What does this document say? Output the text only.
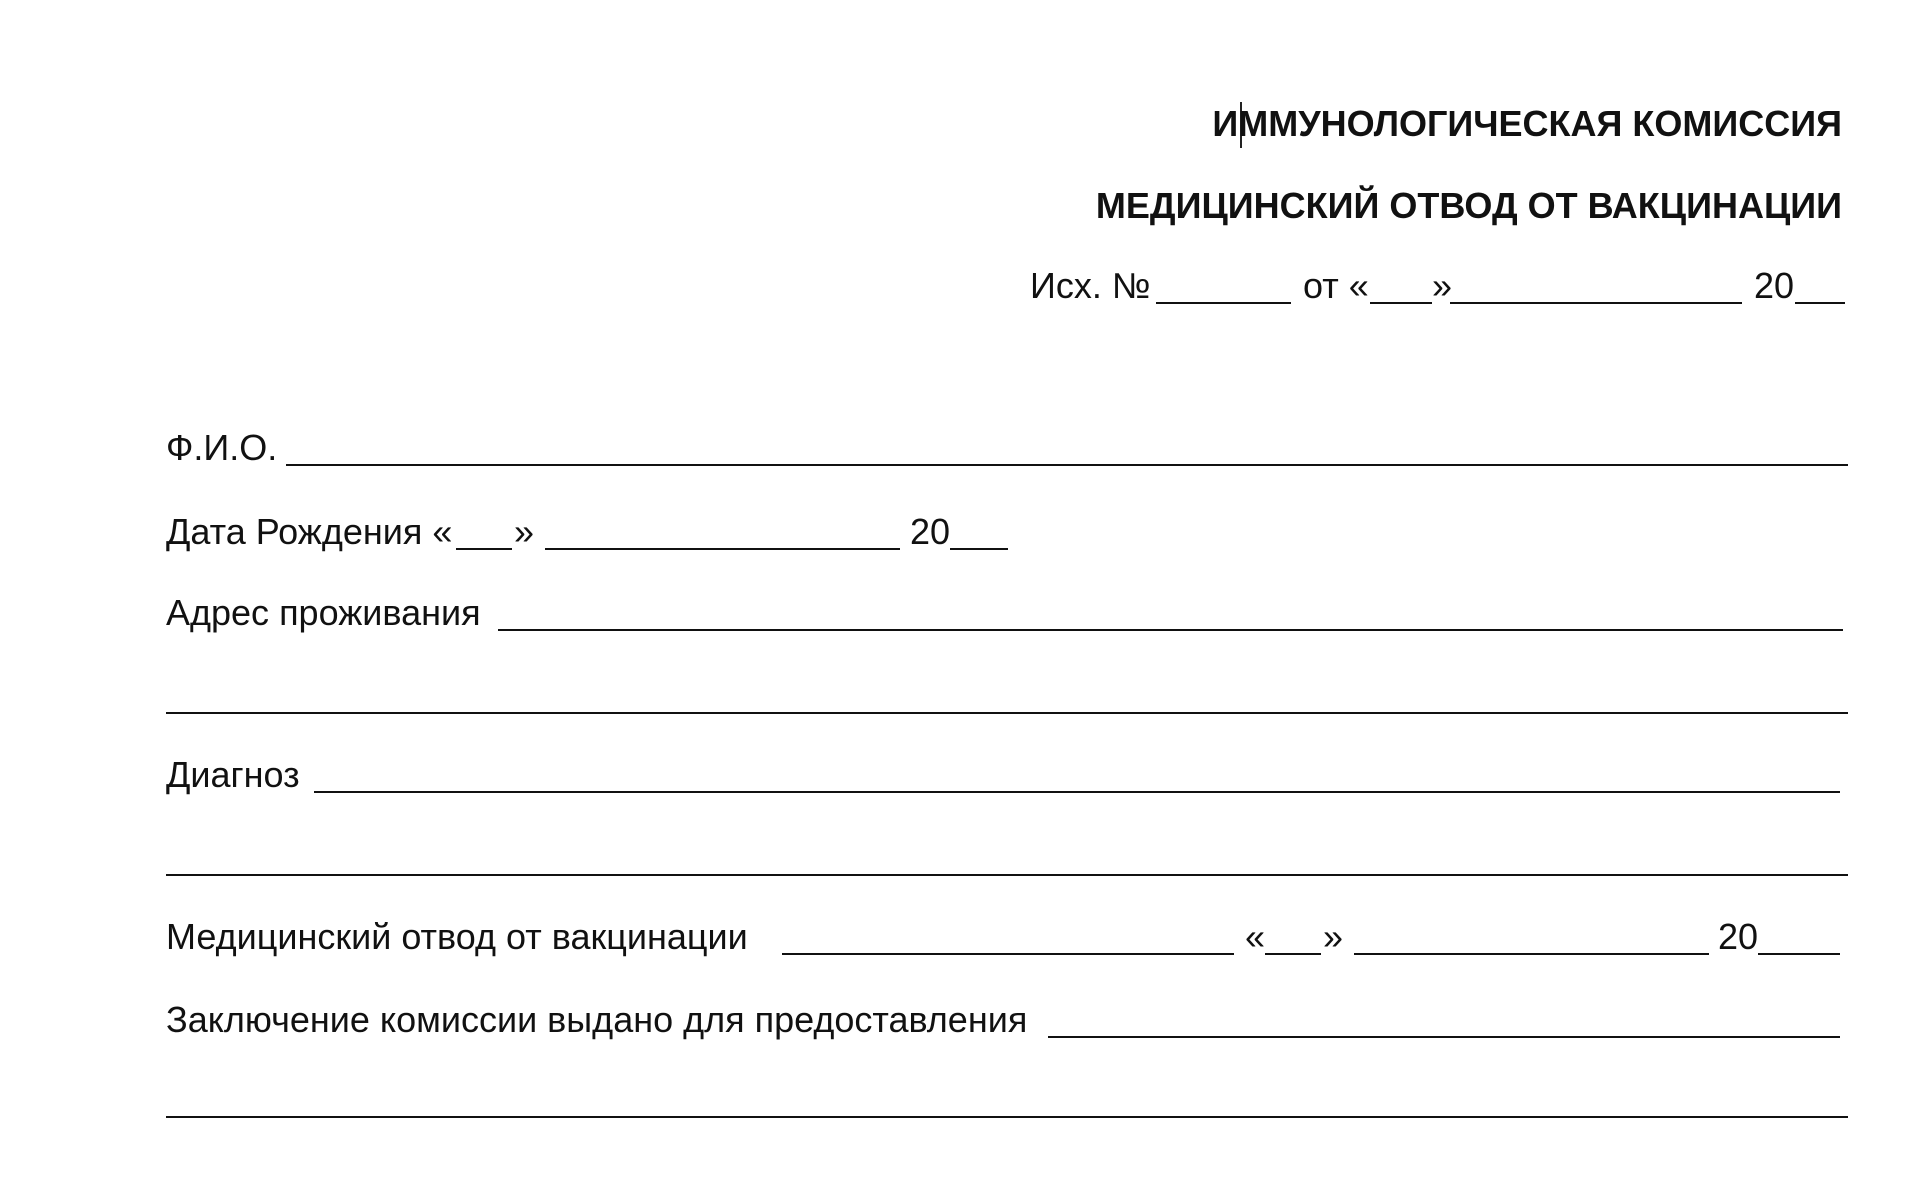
ИММУНОЛОГИЧЕСКАЯ КОМИССИЯ
МЕДИЦИНСКИЙ ОТВОД ОТ ВАКЦИНАЦИИ
Исх. №	от « »	20
Ф.И.О.
Дата Рождения « »	20
Адрес проживания
Диагноз
Медицинский отвод от вакцинации	« »	20
Заключение комиссии выдано для предоставления
